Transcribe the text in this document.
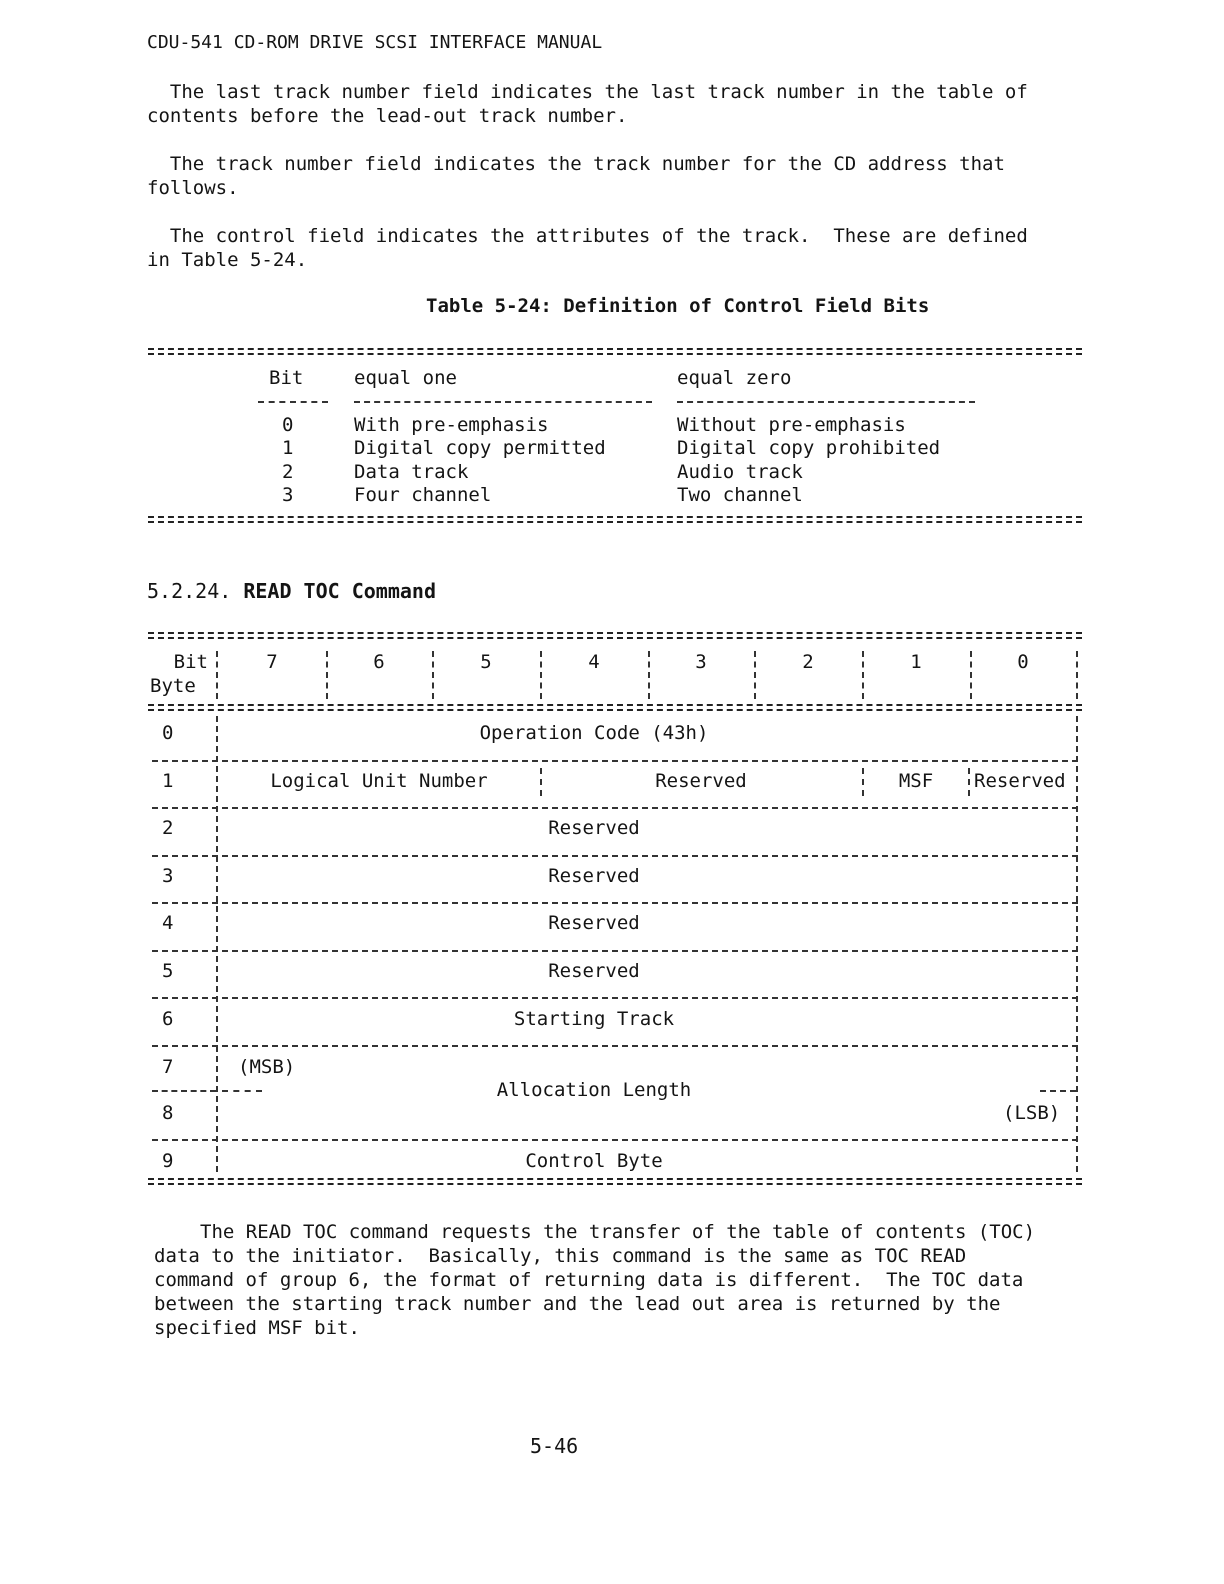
CDU-541 CD-ROM DRIVE SCSI INTERFACE MANUAL
The last track number field indicates the last track number in the table of
contents before the lead-out track number.
The track number field indicates the track number for the CD address that
follows.
The control field indicates the attributes of the track.  These are defined
in Table 5-24.
Table 5-24: Definition of Control Field Bits
Bit	equal one	equal zero
0	With pre-emphasis	Without pre-emphasis
1	Digital copy permitted	Digital copy prohibited
2	Data track	Audio track
3	Four channel	Two channel
5.2.24. READ TOC Command
Bit
Byte
7	6	5	4	3	2	1	0
0	Operation Code (43h)
1	Logical Unit Number	Reserved	MSF	Reserved
2	Reserved
3	Reserved
4	Reserved
5	Reserved
6	Starting Track
7	(MSB)
Allocation Length
8	(LSB)
9	Control Byte
The READ TOC command requests the transfer of the table of contents (TOC)
data to the initiator.  Basically, this command is the same as TOC READ
command of group 6, the format of returning data is different.  The TOC data
between the starting track number and the lead out area is returned by the
specified MSF bit.
5-46
